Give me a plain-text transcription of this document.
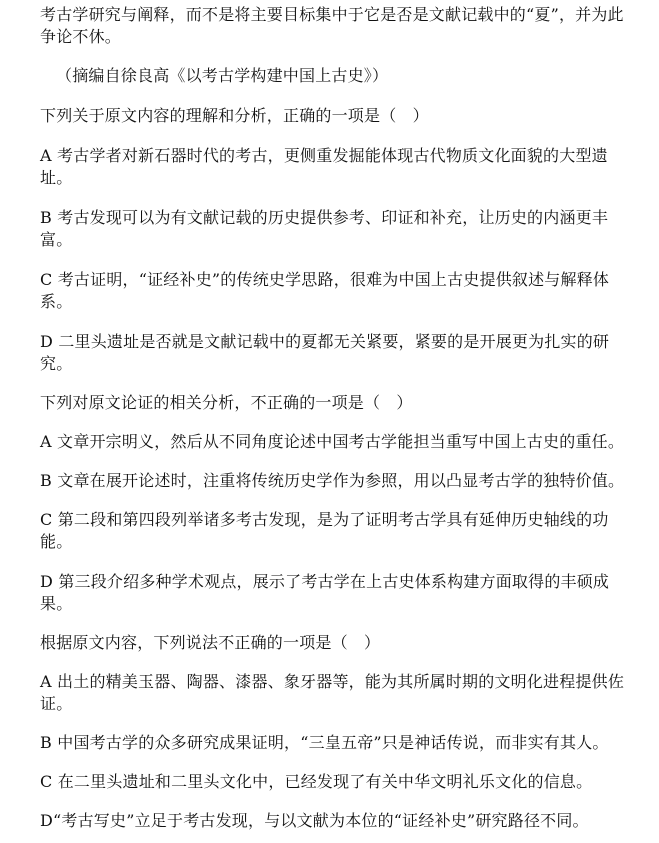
考古学研究与阐释，而不是将主要目标集中于它是否是文献记载中的“夏”，并为此争论不休。

（摘编自徐良高《以考古学构建中国上古史》）

下列关于原文内容的理解和分析，正确的一项是（　）

A 考古学者对新石器时代的考古，更侧重发掘能体现古代物质文化面貌的大型遗址。

B 考古发现可以为有文献记载的历史提供参考、印证和补充，让历史的内涵更丰富。

C 考古证明，“证经补史”的传统史学思路，很难为中国上古史提供叙述与解释体系。

D 二里头遗址是否就是文献记载中的夏都无关紧要，紧要的是开展更为扎实的研究。

下列对原文论证的相关分析，不正确的一项是（　）

A 文章开宗明义，然后从不同角度论述中国考古学能担当重写中国上古史的重任。

B 文章在展开论述时，注重将传统历史学作为参照，用以凸显考古学的独特价值。

C 第二段和第四段列举诸多考古发现，是为了证明考古学具有延伸历史轴线的功能。

D 第三段介绍多种学术观点，展示了考古学在上古史体系构建方面取得的丰硕成果。

根据原文内容，下列说法不正确的一项是（　）

A 出土的精美玉器、陶器、漆器、象牙器等，能为其所属时期的文明化进程提供佐证。

B 中国考古学的众多研究成果证明，“三皇五帝”只是神话传说，而非实有其人。

C 在二里头遗址和二里头文化中，已经发现了有关中华文明礼乐文化的信息。

D“考古写史”立足于考古发现，与以文献为本位的“证经补史”研究路径不同。
